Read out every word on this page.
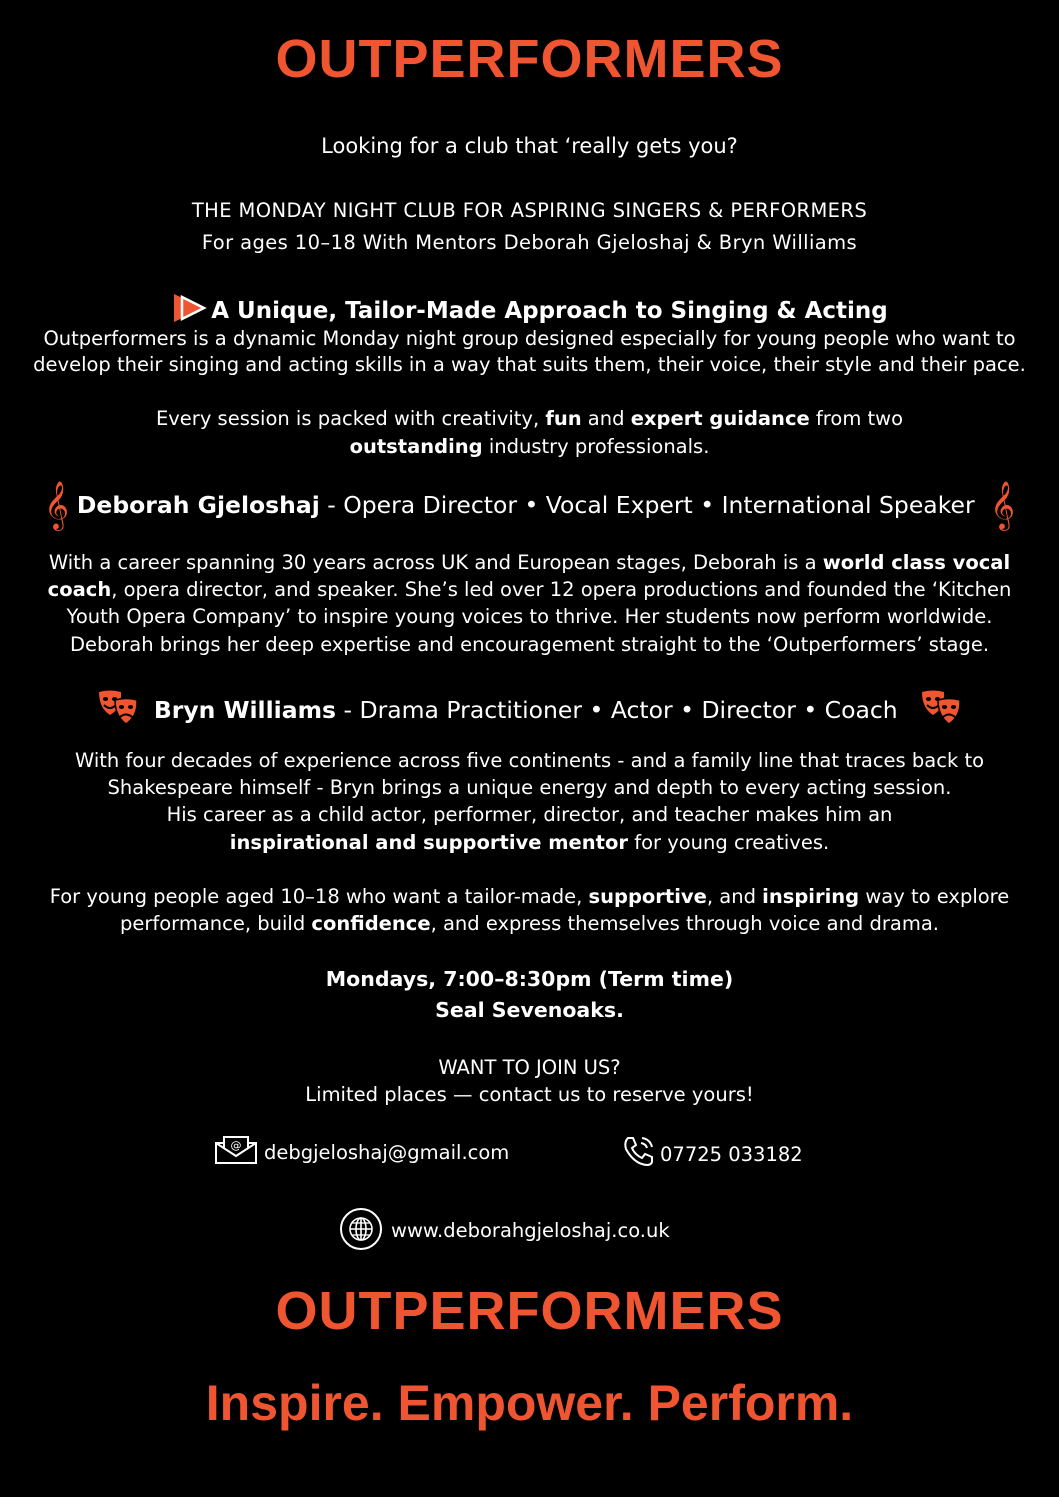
OUTPERFORMERS
Looking for a club that ‘really gets you?
THE MONDAY NIGHT CLUB FOR ASPIRING SINGERS & PERFORMERS
For ages 10–18 With Mentors Deborah Gjeloshaj & Bryn Williams
A Unique, Tailor-Made Approach to Singing & Acting
Outperformers is a dynamic Monday night group designed especially for young people who want to
develop their singing and acting skills in a way that suits them, their voice, their style and their pace.
Every session is packed with creativity, fun and expert guidance from two
outstanding industry professionals.
𝄞 Deborah Gjeloshaj - Opera Director • Vocal Expert • International Speaker 𝄞
With a career spanning 30 years across UK and European stages, Deborah is a world class vocal
coach, opera director, and speaker. She’s led over 12 opera productions and founded the ‘Kitchen
Youth Opera Company’ to inspire young voices to thrive. Her students now perform worldwide.
Deborah brings her deep expertise and encouragement straight to the ‘Outperformers’ stage.
Bryn Williams - Drama Practitioner • Actor • Director • Coach
With four decades of experience across five continents - and a family line that traces back to
Shakespeare himself - Bryn brings a unique energy and depth to every acting session.
His career as a child actor, performer, director, and teacher makes him an
inspirational and supportive mentor for young creatives.
For young people aged 10–18 who want a tailor-made, supportive, and inspiring way to explore
performance, build confidence, and express themselves through voice and drama.
Mondays, 7:00–8:30pm (Term time)
Seal Sevenoaks.
WANT TO JOIN US?
Limited places — contact us to reserve yours!
@ debgjeloshaj@gmail.com	07725 033182
www.deborahgjeloshaj.co.uk
OUTPERFORMERS
Inspire. Empower. Perform.
